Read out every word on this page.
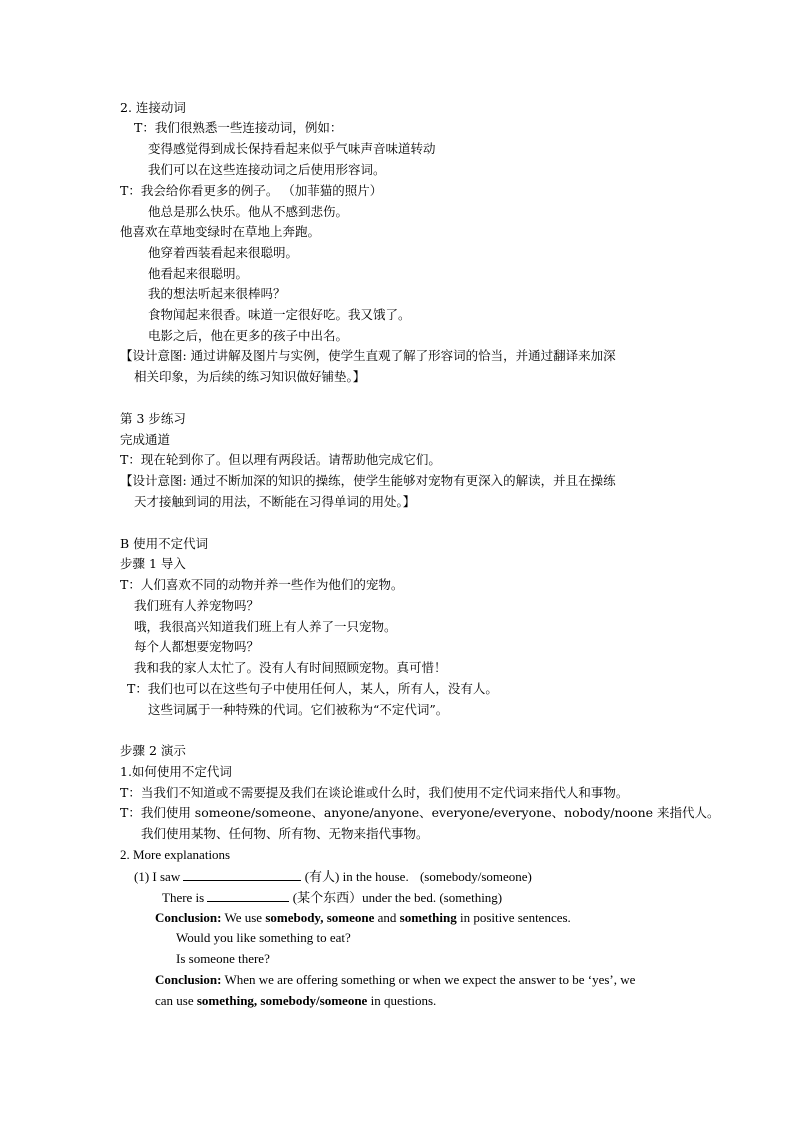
2. 连接动词
T：我们很熟悉一些连接动词，例如：
变得感觉得到成长保持看起来似乎气味声音味道转动
我们可以在这些连接动词之后使用形容词。
T：我会给你看更多的例子。 （加菲猫的照片）
他总是那么快乐。他从不感到悲伤。
他喜欢在草地变绿时在草地上奔跑。
他穿着西装看起来很聪明。
他看起来很聪明。
我的想法听起来很棒吗？
食物闻起来很香。味道一定很好吃。我又饿了。
电影之后，他在更多的孩子中出名。
【设计意图: 通过讲解及图片与实例，使学生直观了解了形容词的恰当，并通过翻译来加深
相关印象，为后续的练习知识做好铺垫。】
第 3 步练习
完成通道
T：现在轮到你了。但以理有两段话。请帮助他完成它们。
【设计意图: 通过不断加深的知识的操练，使学生能够对宠物有更深入的解读，并且在操练
天才接触到词的用法，不断能在习得单词的用处。】
B 使用不定代词
步骤 1 导入
T：人们喜欢不同的动物并养一些作为他们的宠物。
我们班有人养宠物吗？
哦，我很高兴知道我们班上有人养了一只宠物。
每个人都想要宠物吗？
我和我的家人太忙了。没有人有时间照顾宠物。真可惜！
T：我们也可以在这些句子中使用任何人，某人，所有人，没有人。
这些词属于一种特殊的代词。它们被称为“不定代词”。
步骤 2 演示
1.如何使用不定代词
T：当我们不知道或不需要提及我们在谈论谁或什么时，我们使用不定代词来指代人和事物。
T：我们使用 someone/someone、anyone/anyone、everyone/everyone、nobody/noone 来指代人。
我们使用某物、任何物、所有物、无物来指代事物。
2. More explanations
(1) I saw	(有人) in the house. (somebody/someone)
There is	(某个东西）under the bed. (something)
Conclusion: We use somebody, someone and something in positive sentences.
Would you like something to eat?
Is someone there?
Conclusion: When we are offering something or when we expect the answer to be ‘yes’, we
can use something, somebody/someone in questions.
